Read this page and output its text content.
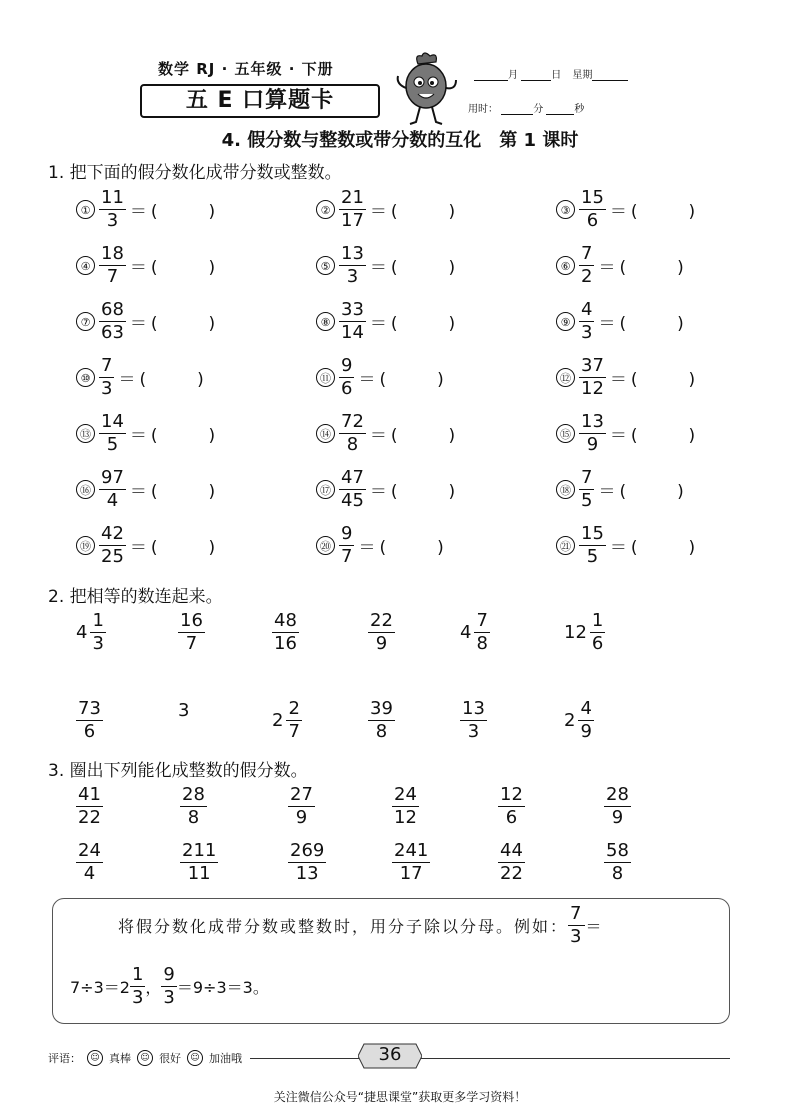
数学 RJ · 五年级 · 下册
五 E 口算题卡
月	日 星期
用时：	分	秒
4. 假分数与整数或带分数的互化　第 1 课时
1. 把下面的假分数化成带分数或整数。
① $\frac{11}{3}$ ＝ (　　　)	② $\frac{21}{17}$ ＝ (　　　)	③ $\frac{15}{6}$ ＝ (　　　)
④ $\frac{18}{7}$ ＝ (　　　)	⑤ $\frac{13}{3}$ ＝ (　　　)	⑥ $\frac{7}{2}$ ＝ (　　　)
⑦ $\frac{68}{63}$ ＝ (　　　)	⑧ $\frac{33}{14}$ ＝ (　　　)	⑨ $\frac{4}{3}$ ＝ (　　　)
⑩ $\frac{7}{3}$ ＝ (　　　)	⑪ $\frac{9}{6}$ ＝ (　　　)	⑫ $\frac{37}{12}$ ＝ (　　　)
⑬ $\frac{14}{5}$ ＝ (　　　)	⑭ $\frac{72}{8}$ ＝ (　　　)	⑮ $\frac{13}{9}$ ＝ (　　　)
⑯ $\frac{97}{4}$ ＝ (　　　)	⑰ $\frac{47}{45}$ ＝ (　　　)	⑱ $\frac{7}{5}$ ＝ (　　　)
⑲ $\frac{42}{25}$ ＝ (　　　)	⑳ $\frac{9}{7}$ ＝ (　　　)	㉑ $\frac{15}{5}$ ＝ (　　　)
2. 把相等的数连起来。
$4 \frac{1}{3}$	$\frac{16}{7}$	$\frac{48}{16}$	$\frac{22}{9}$	$4 \frac{7}{8}$	$12 \frac{1}{6}$
$\frac{73}{6}$	3	$2 \frac{2}{7}$	$\frac{39}{8}$	$\frac{13}{3}$	$2 \frac{4}{9}$
3. 圈出下列能化成整数的假分数。
$\frac{41}{22}$	$\frac{28}{8}$	$\frac{27}{9}$	$\frac{24}{12}$	$\frac{12}{6}$	$\frac{28}{9}$
$\frac{24}{4}$	$\frac{211}{11}$	$\frac{269}{13}$	$\frac{241}{17}$	$\frac{44}{22}$	$\frac{58}{8}$
将假分数化成带分数或整数时，用分子除以分母。例如： $\frac{7}{3}$ ＝
$7\div 3=2 \frac{1}{3}$ ， $\frac{9}{3} =9\div 3=3$。
评语：	☺ 真棒	☺ 很好	☺ 加油哦	36
关注微信公众号“捷思课堂”获取更多学习资料！
